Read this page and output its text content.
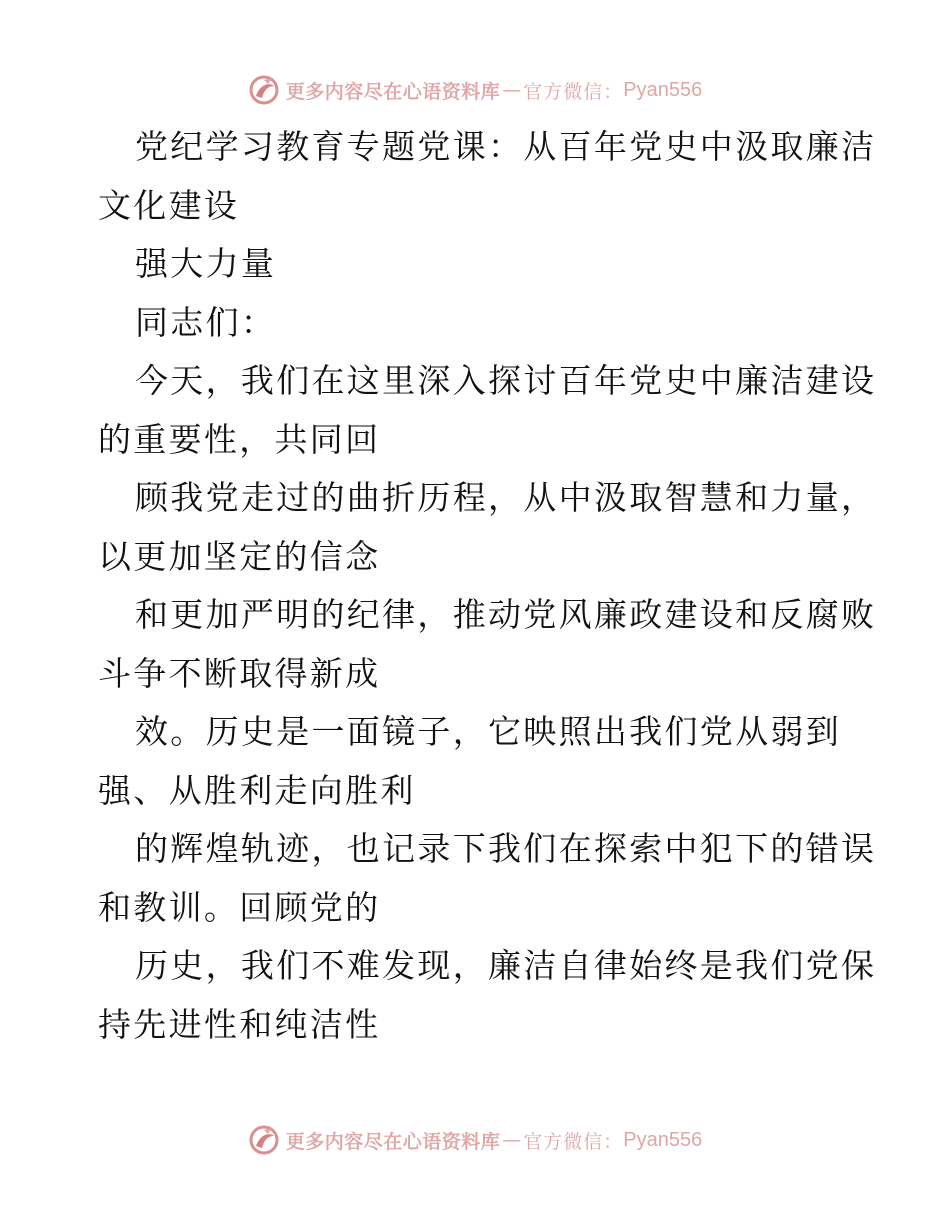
更多内容尽在心语资料库 — 官方微信： Pyan556
党纪学习教育专题党课：从百年党史中汲取廉洁
文化建设
强大力量
同志们：
今天，我们在这里深入探讨百年党史中廉洁建设
的重要性，共同回
顾我党走过的曲折历程，从中汲取智慧和力量，
以更加坚定的信念
和更加严明的纪律，推动党风廉政建设和反腐败
斗争不断取得新成
效。历史是一面镜子，它映照出我们党从弱到
强、从胜利走向胜利
的辉煌轨迹，也记录下我们在探索中犯下的错误
和教训。回顾党的
历史，我们不难发现，廉洁自律始终是我们党保
持先进性和纯洁性
更多内容尽在心语资料库 — 官方微信： Pyan556
